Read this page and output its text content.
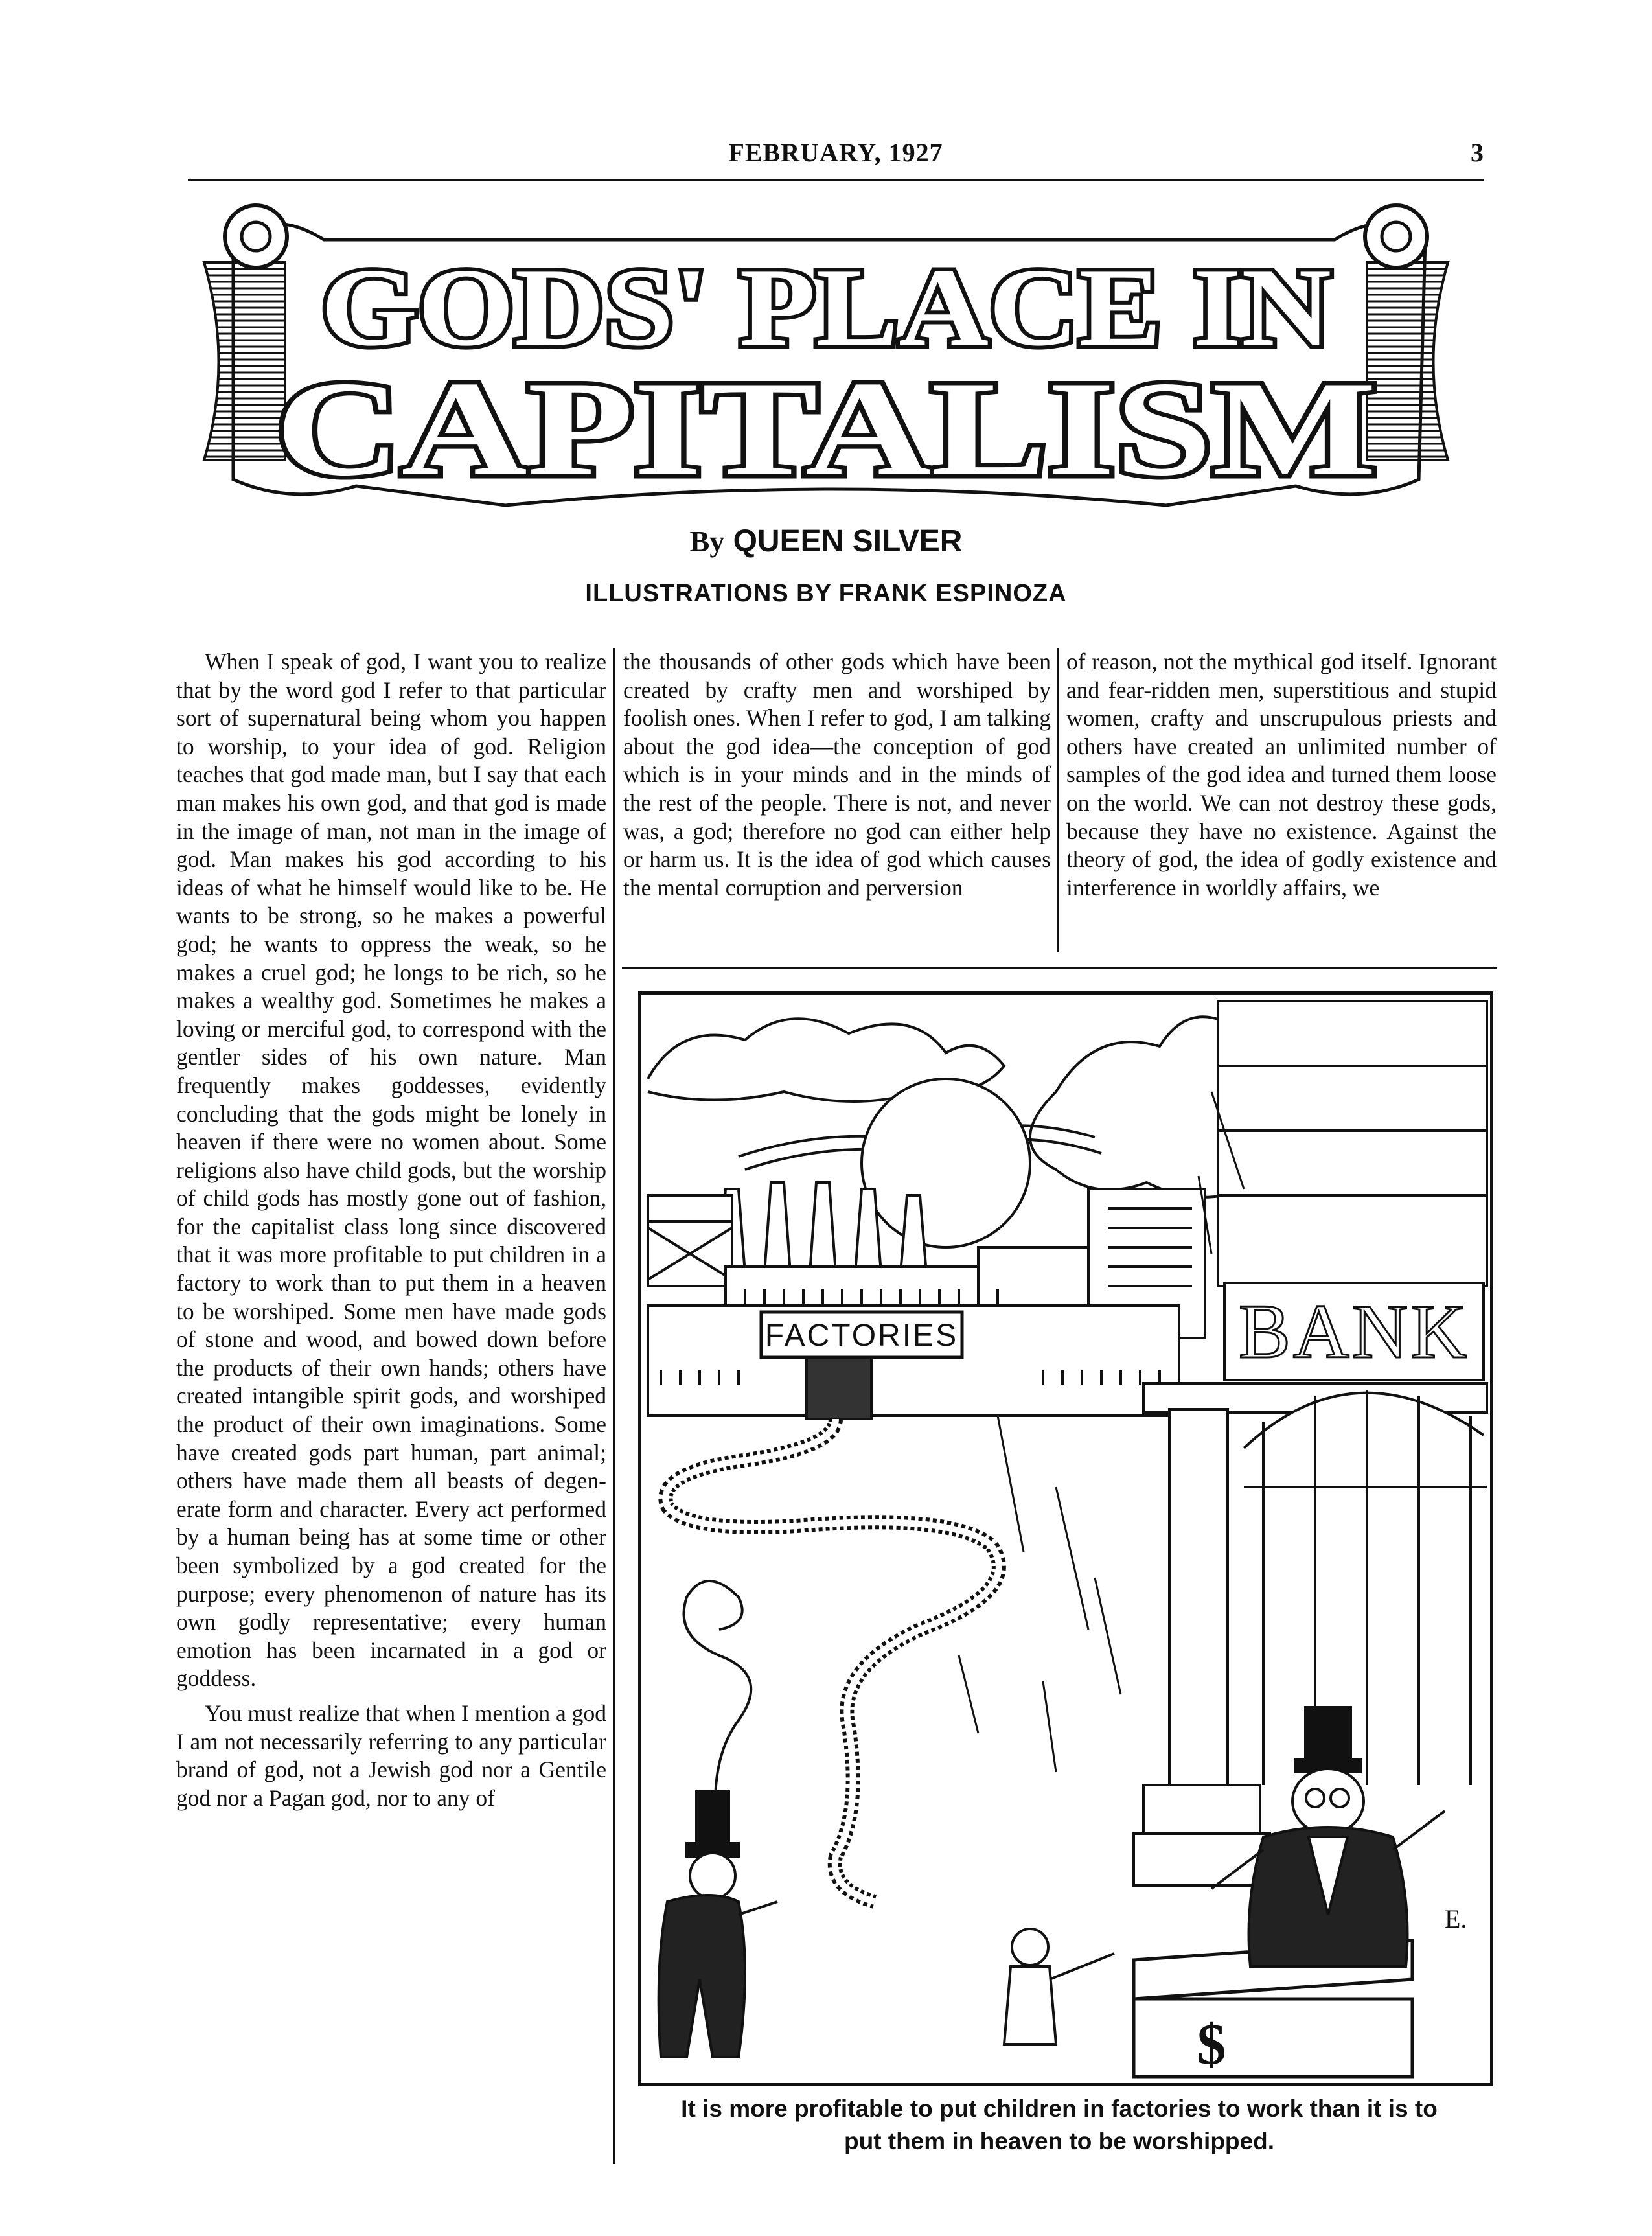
FEBRUARY, 1927	3
GODS' PLACE IN
CAPITALISM
By QUEEN SILVER
ILLUSTRATIONS BY FRANK ESPINOZA

When I speak of god, I want you to realize that by the word god I refer to that particular sort of supernatural being whom you happen to worship, to your idea of god. Religion teaches that god made man, but I say that each man makes his own god, and that god is made in the image of man, not man in the image of god. Man makes his god according to his ideas of what he himself would like to be. He wants to be strong, so he makes a powerful god; he wants to oppress the weak, so he makes a cruel god; he longs to be rich, so he makes a wealthy god. Sometimes he makes a loving or merciful god, to correspond with the gentler sides of his own nature. Man frequently makes goddesses, evidently concluding that the gods might be lonely in heaven if there were no women about. Some religions also have child gods, but the worship of child gods has mostly gone out of fashion, for the capitalist class long since discovered that it was more profitable to put children in a factory to work than to put them in a heaven to be worshiped. Some men have made gods of stone and wood, and bowed down before the products of their own hands; others have created intangible spirit gods, and worshiped the product of their own imaginations. Some have created gods part human, part animal; others have made them all beasts of degenerate form and character. Every act performed by a human being has at some time or other been symbolized by a god created for the purpose; every phenomenon of nature has its own godly representative; every human emotion has been incarnated in a god or goddess.

You must realize that when I mention a god I am not necessarily referring to any particular brand of god, not a Jewish god nor a Gentile god nor a Pagan god, nor to any of

the thousands of other gods which have been created by crafty men and worshiped by foolish ones. When I refer to god, I am talking about the god idea—the conception of god which is in your minds and in the minds of the rest of the people. There is not, and never was, a god; therefore no god can either help or harm us. It is the idea of god which causes the mental corruption and perversion

of reason, not the mythical god itself. Ignorant and fear-ridden men, superstitious and stupid women, crafty and unscrupulous priests and others have created an unlimited number of samples of the god idea and turned them loose on the world. We can not destroy these gods, because they have no existence. Against the theory of god, the idea of godly existence and interference in worldly affairs, we

FACTORIES	BANK
$
E.
It is more profitable to put children in factories to work than it is to
put them in heaven to be worshipped.
